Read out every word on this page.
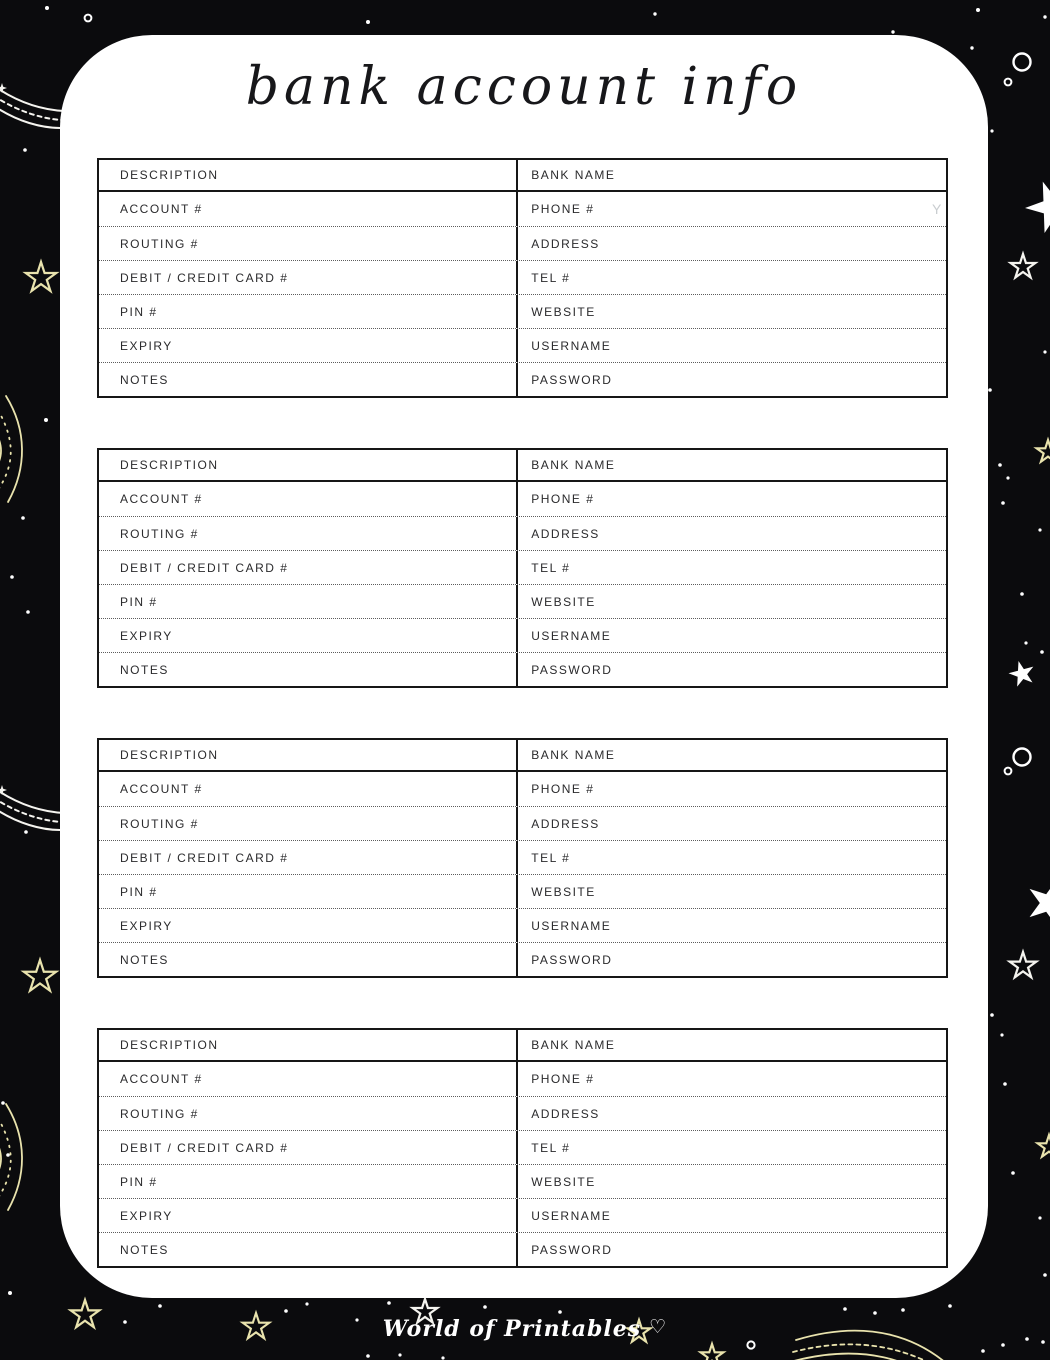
bank account info
DESCRIPTION	BANK NAME
ACCOUNT #	PHONE #
ROUTING #	ADDRESS
DEBIT / CREDIT CARD #	TEL #
PIN #	WEBSITE
EXPIRY	USERNAME
NOTES	PASSWORD
DESCRIPTION	BANK NAME
ACCOUNT #	PHONE #
ROUTING #	ADDRESS
DEBIT / CREDIT CARD #	TEL #
PIN #	WEBSITE
EXPIRY	USERNAME
NOTES	PASSWORD
DESCRIPTION	BANK NAME
ACCOUNT #	PHONE #
ROUTING #	ADDRESS
DEBIT / CREDIT CARD #	TEL #
PIN #	WEBSITE
EXPIRY	USERNAME
NOTES	PASSWORD
DESCRIPTION	BANK NAME
ACCOUNT #	PHONE #
ROUTING #	ADDRESS
DEBIT / CREDIT CARD #	TEL #
PIN #	WEBSITE
EXPIRY	USERNAME
NOTES	PASSWORD
Y
World of Printables ♡
